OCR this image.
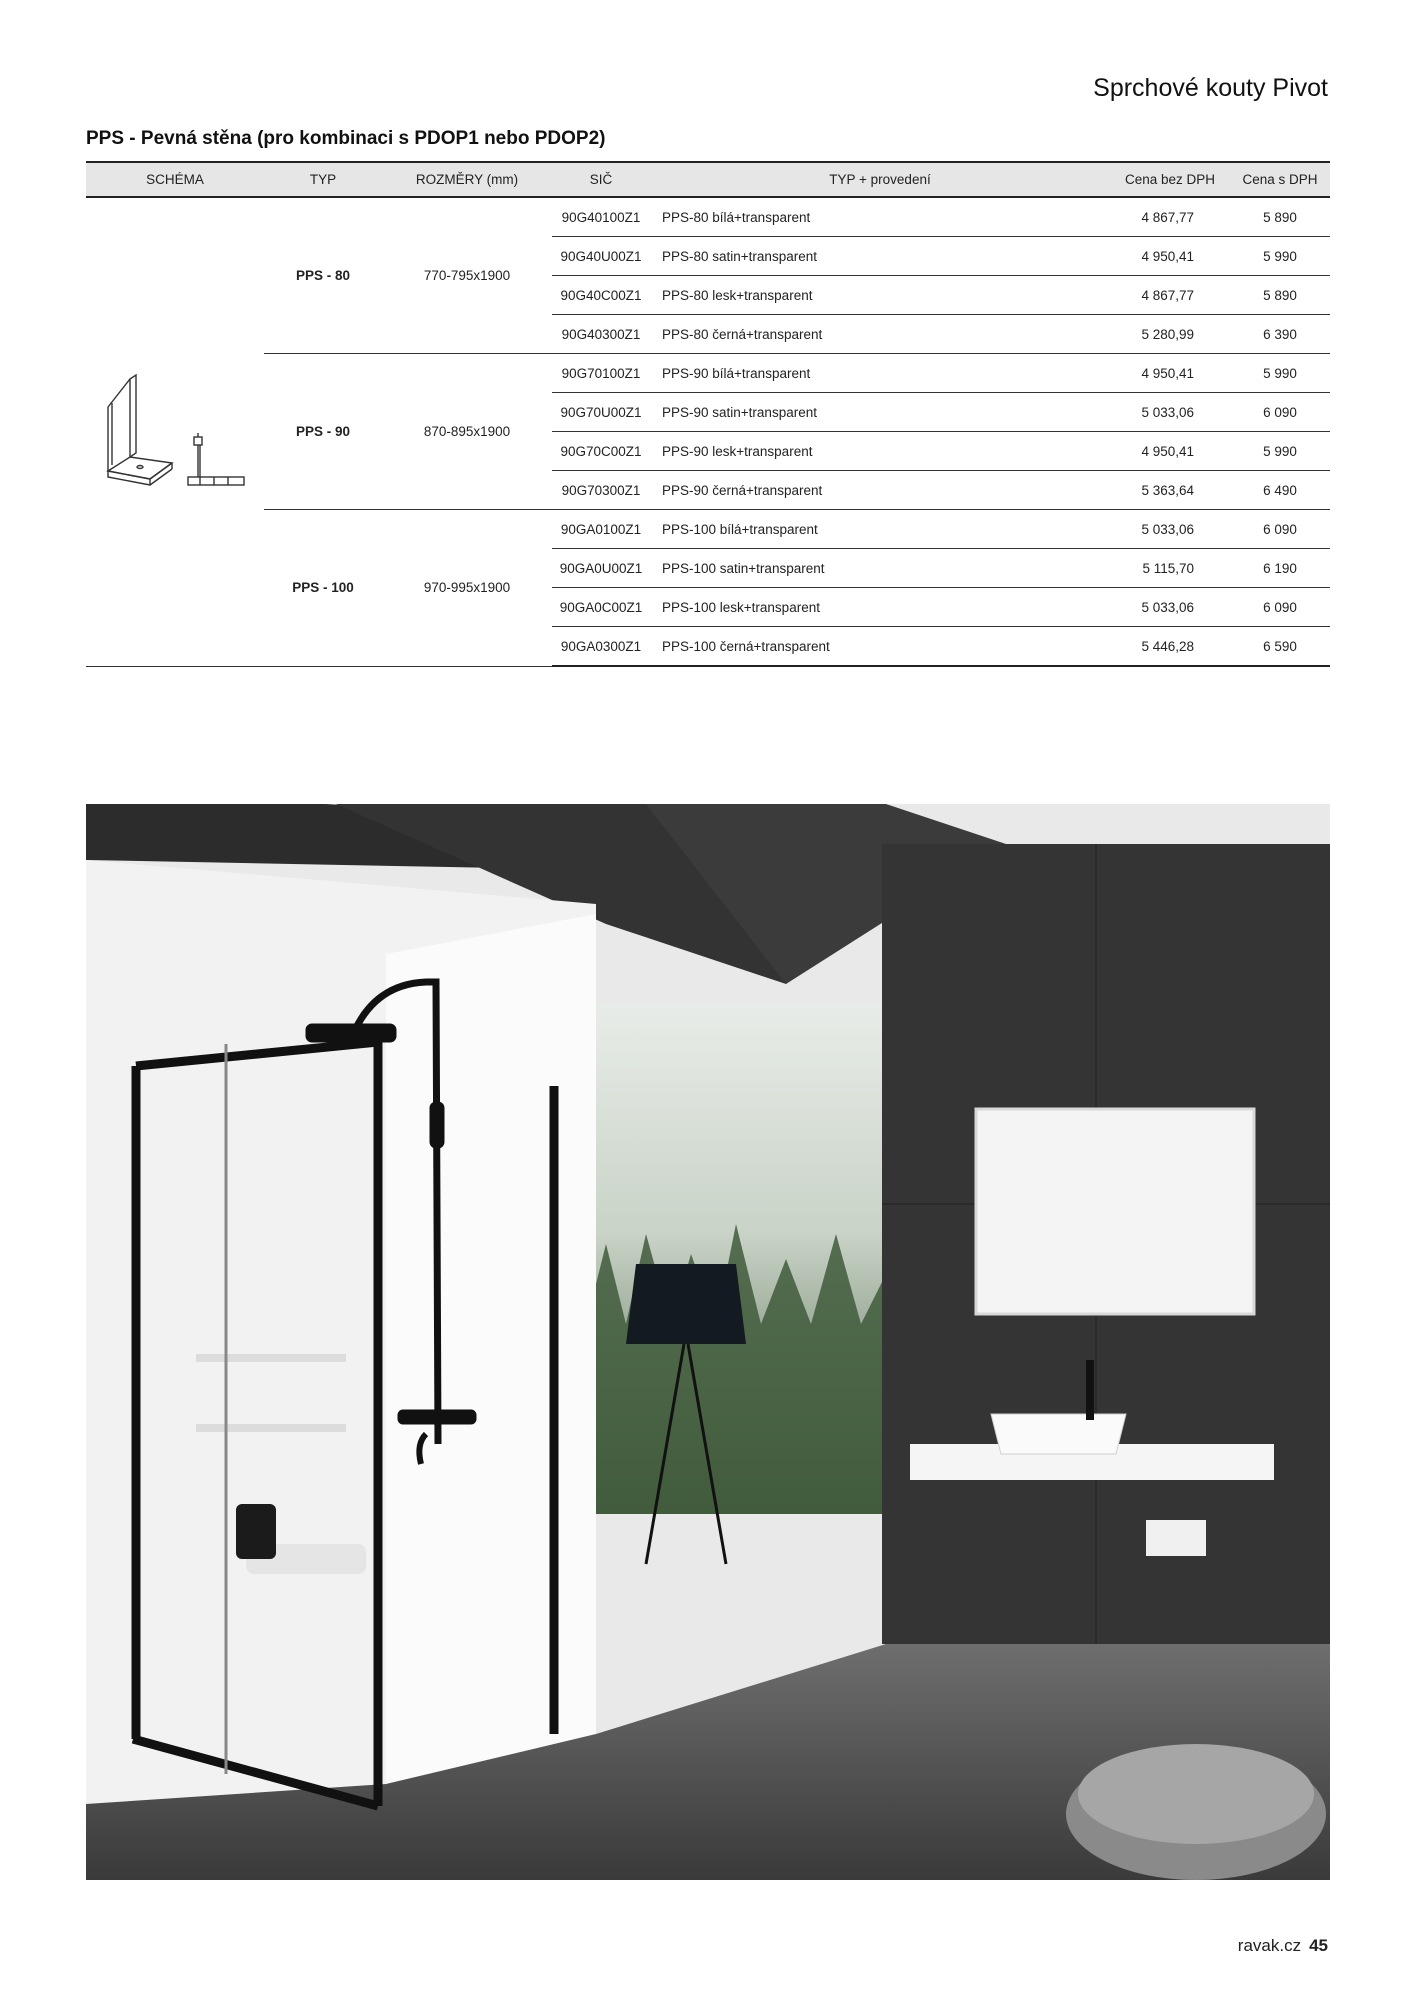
Sprchové kouty Pivot
PPS - Pevná stěna (pro kombinaci s PDOP1 nebo PDOP2)
SCHÉMA	TYP	ROZMĚRY (mm)	SIČ	TYP + provedení	Cena bez DPH	Cena s DPH

	PPS - 80	770-795x1900	90G40100Z1	PPS-80 bílá+transparent	4 867,77	5 890
			90G40U00Z1	PPS-80 satin+transparent	4 950,41	5 990
			90G40C00Z1	PPS-80 lesk+transparent	4 867,77	5 890
			90G40300Z1	PPS-80 černá+transparent	5 280,99	6 390
	PPS - 90	870-895x1900	90G70100Z1	PPS-90 bílá+transparent	4 950,41	5 990
			90G70U00Z1	PPS-90 satin+transparent	5 033,06	6 090
			90G70C00Z1	PPS-90 lesk+transparent	4 950,41	5 990
			90G70300Z1	PPS-90 černá+transparent	5 363,64	6 490
	PPS - 100	970-995x1900	90GA0100Z1	PPS-100 bílá+transparent	5 033,06	6 090
			90GA0U00Z1	PPS-100 satin+transparent	5 115,70	6 190
			90GA0C00Z1	PPS-100 lesk+transparent	5 033,06	6 090
			90GA0300Z1	PPS-100 černá+transparent	5 446,28	6 590
ravak.cz 45
